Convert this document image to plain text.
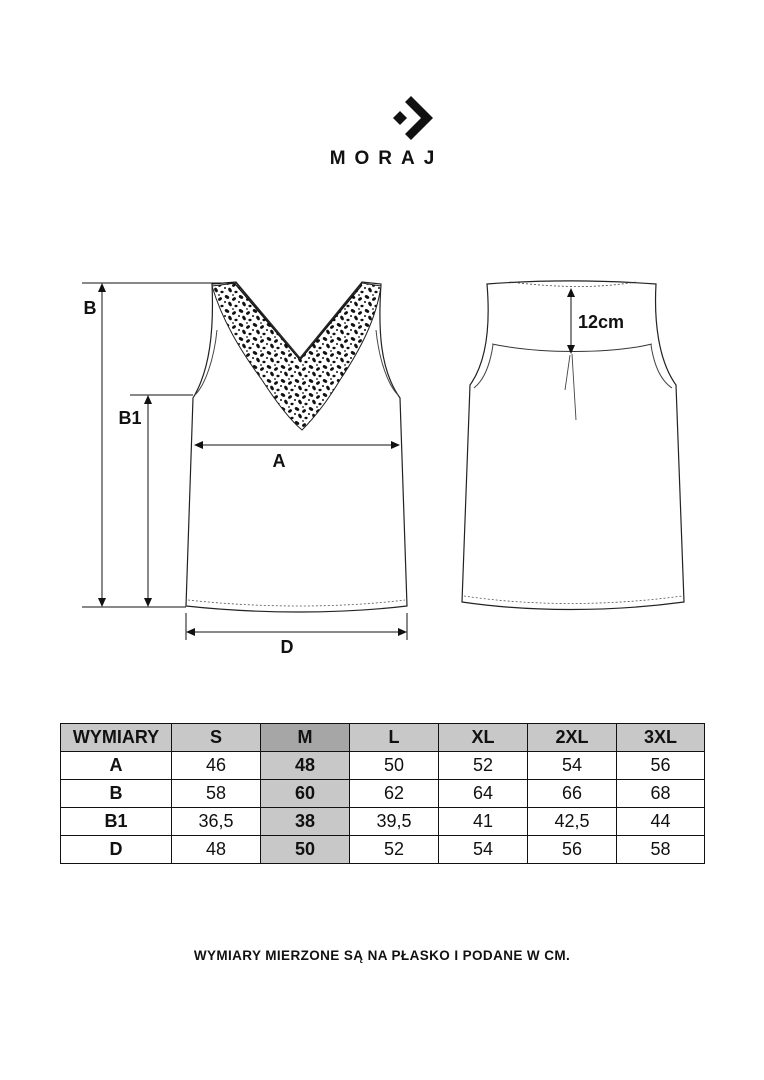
MORAJ
B
B1
A
D
12cm
WYMIARY	S	M	L	XL	2XL	3XL
A	46	48	50	52	54	56
B	58	60	62	64	66	68
B1	36,5	38	39,5	41	42,5	44
D	48	50	52	54	56	58
WYMIARY MIERZONE SĄ NA PŁASKO I PODANE W CM.
